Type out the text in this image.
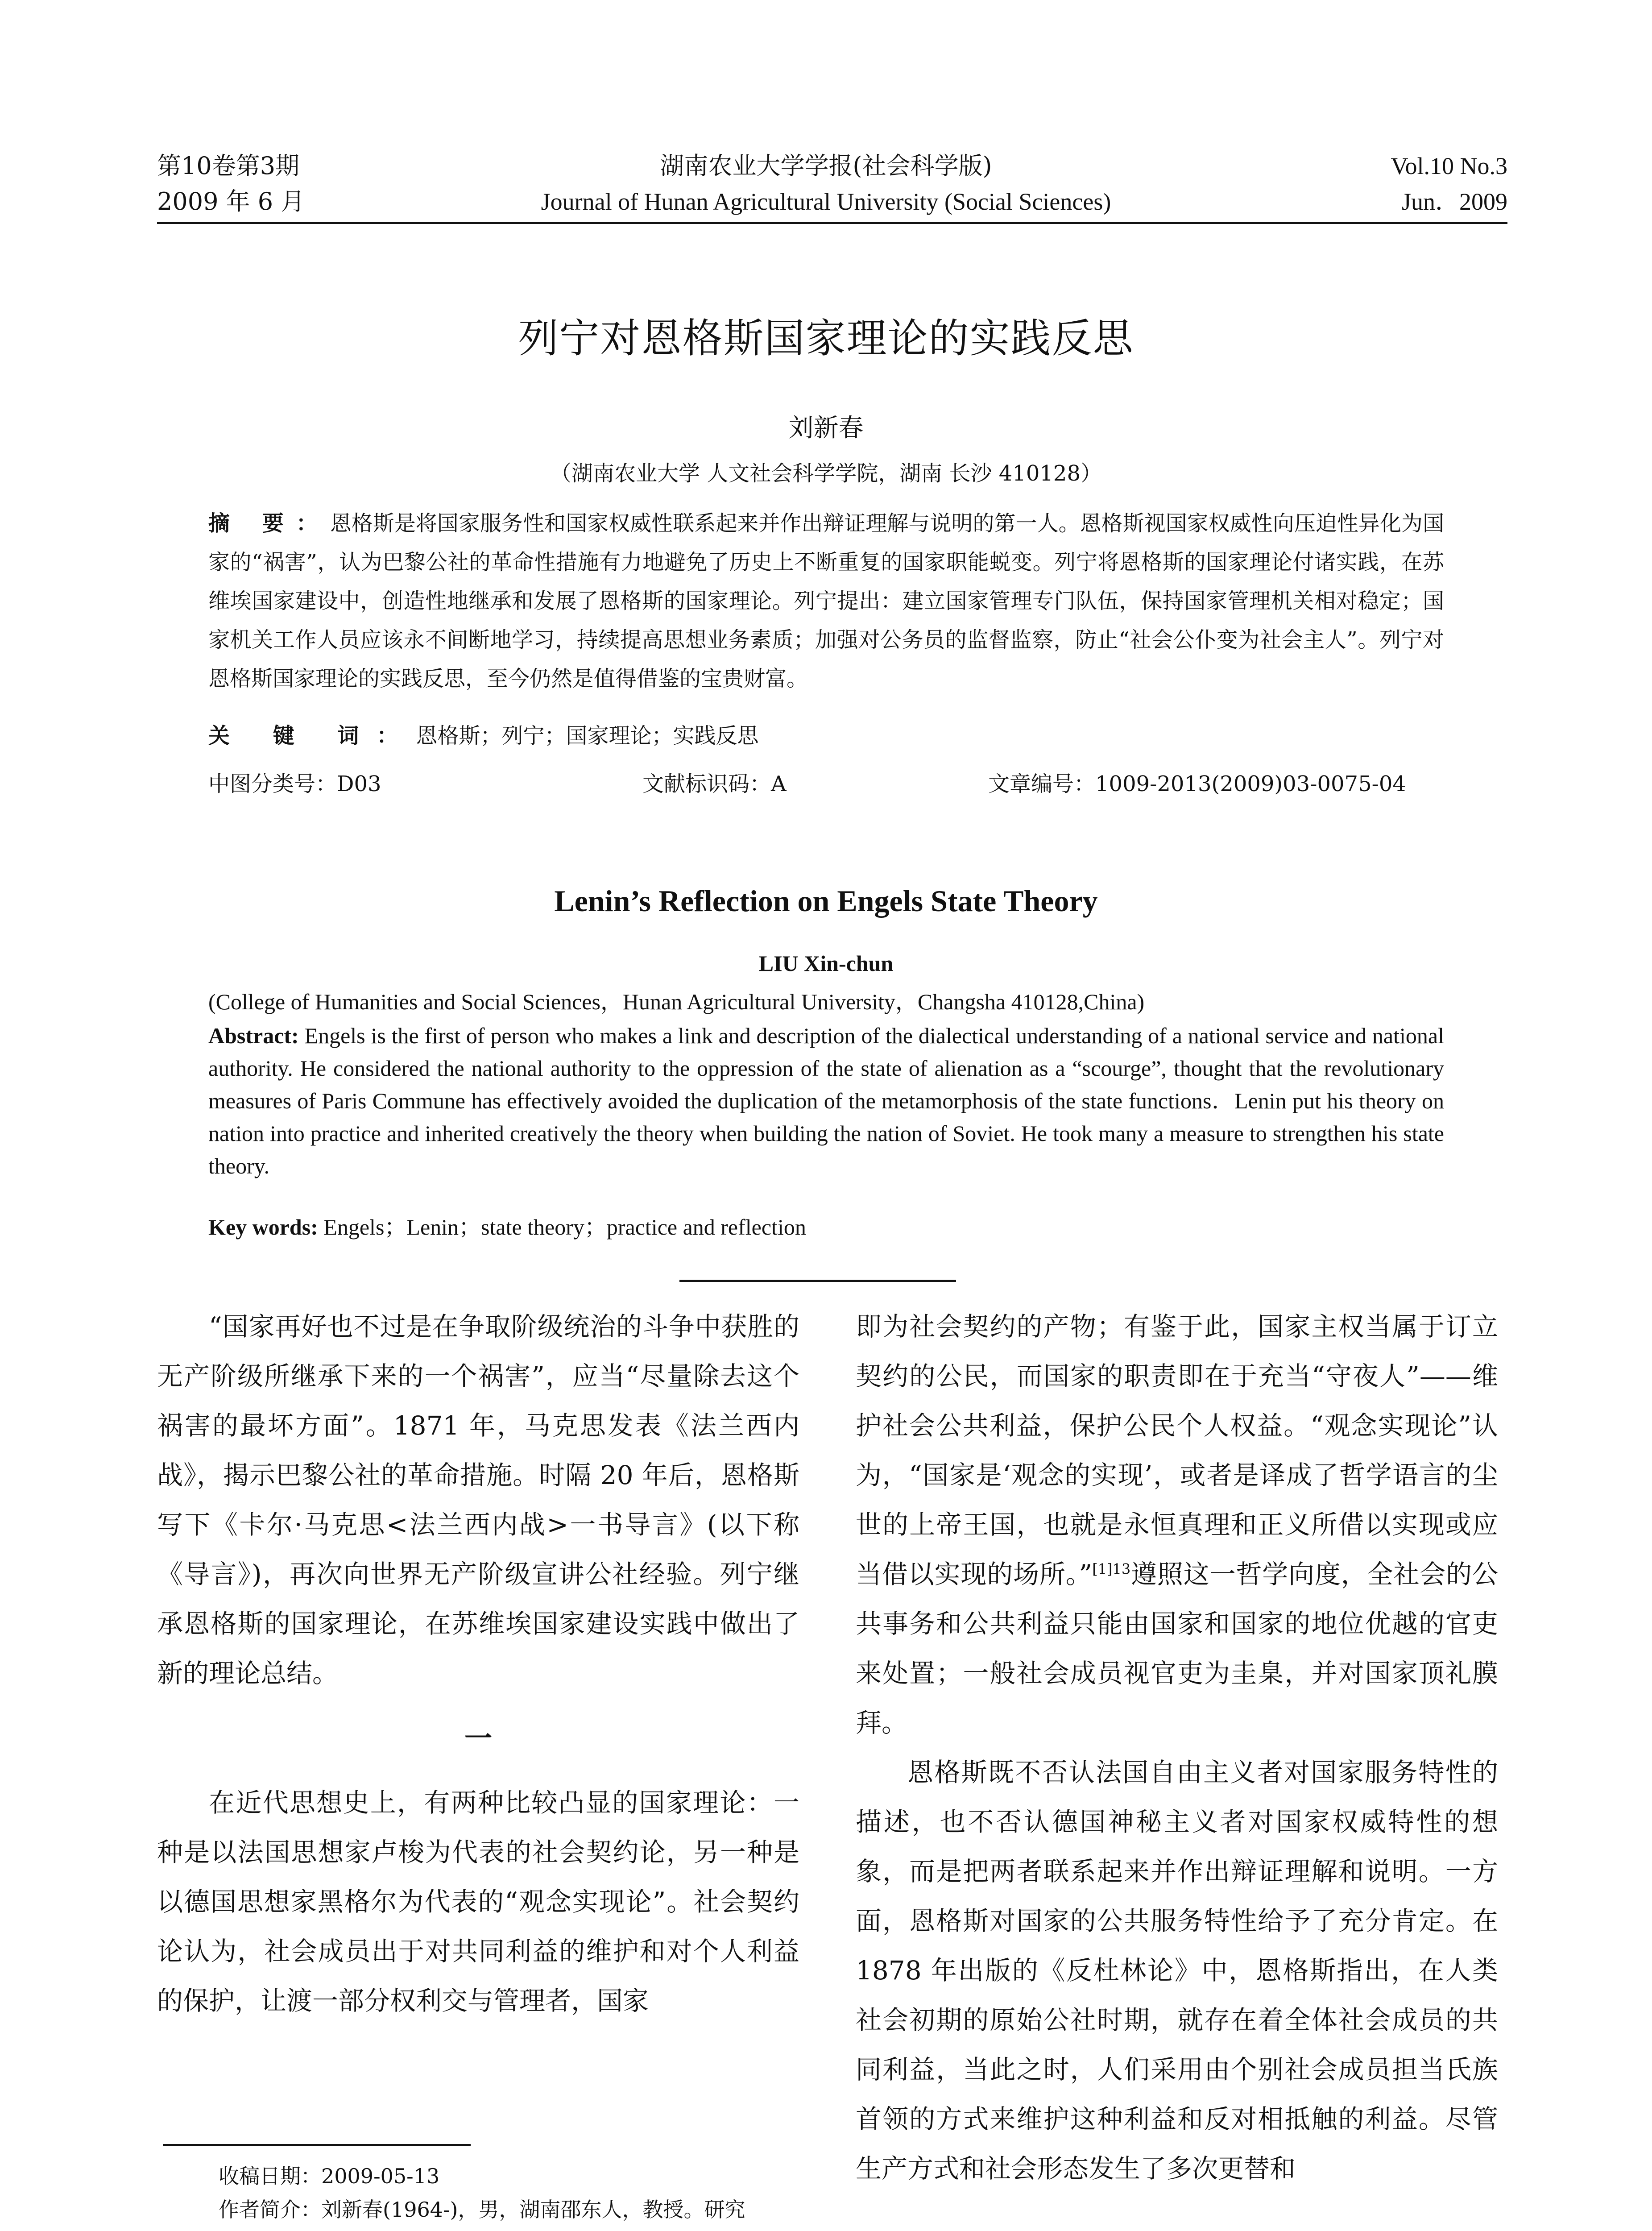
第10卷第3期
2009 年 6 月
湖南农业大学学报(社会科学版)
Journal of Hunan Agricultural University (Social Sciences)
Vol.10 No.3
Jun．2009
列宁对恩格斯国家理论的实践反思
刘新春
（湖南农业大学 人文社会科学学院，湖南 长沙 410128）
摘 要：恩格斯是将国家服务性和国家权威性联系起来并作出辩证理解与说明的第一人。恩格斯视国家权威性向压迫性异化为国家的“祸害”，认为巴黎公社的革命性措施有力地避免了历史上不断重复的国家职能蜕变。列宁将恩格斯的国家理论付诸实践，在苏维埃国家建设中，创造性地继承和发展了恩格斯的国家理论。列宁提出：建立国家管理专门队伍，保持国家管理机关相对稳定；国家机关工作人员应该永不间断地学习，持续提高思想业务素质；加强对公务员的监督监察，防止“社会公仆变为社会主人”。列宁对恩格斯国家理论的实践反思，至今仍然是值得借鉴的宝贵财富。
关 键 词：恩格斯；列宁；国家理论；实践反思
中图分类号：D03	文献标识码：A	文章编号：1009-2013(2009)03-0075-04
Lenin’s Reflection on Engels State Theory
LIU Xin-chun
(College of Humanities and Social Sciences，Hunan Agricultural University，Changsha 410128,China)
Abstract: Engels is the first of person who makes a link and description of the dialectical understanding of a national service and national authority. He considered the national authority to the oppression of the state of alienation as a “scourge”, thought that the revolutionary measures of Paris Commune has effectively avoided the duplication of the metamorphosis of the state functions．Lenin put his theory on nation into practice and inherited creatively the theory when building the nation of Soviet. He took many a measure to strengthen his state theory.
Key words: Engels；Lenin；state theory；practice and reflection

“国家再好也不过是在争取阶级统治的斗争中获胜的无产阶级所继承下来的一个祸害”，应当“尽量除去这个祸害的最坏方面”。1871 年，马克思发表《法兰西内战》，揭示巴黎公社的革命措施。时隔 20 年后，恩格斯写下《卡尔·马克思<法兰西内战>一书导言》(以下称《导言》)，再次向世界无产阶级宣讲公社经验。列宁继承恩格斯的国家理论，在苏维埃国家建设实践中做出了新的理论总结。

一

在近代思想史上，有两种比较凸显的国家理论：一种是以法国思想家卢梭为代表的社会契约论，另一种是以德国思想家黑格尔为代表的“观念实现论”。社会契约论认为，社会成员出于对共同利益的维护和对个人利益的保护，让渡一部分权利交与管理者，国家

即为社会契约的产物；有鉴于此，国家主权当属于订立契约的公民，而国家的职责即在于充当“守夜人”——维护社会公共利益，保护公民个人权益。“观念实现论”认为，“国家是‘观念的实现’，或者是译成了哲学语言的尘世的上帝王国，也就是永恒真理和正义所借以实现或应当借以实现的场所。”$^{[1]13}$遵照这一哲学向度，全社会的公共事务和公共利益只能由国家和国家的地位优越的官吏来处置；一般社会成员视官吏为圭臬，并对国家顶礼膜拜。

恩格斯既不否认法国自由主义者对国家服务特性的描述，也不否认德国神秘主义者对国家权威特性的想象，而是把两者联系起来并作出辩证理解和说明。一方面，恩格斯对国家的公共服务特性给予了充分肯定。在 1878 年出版的《反杜林论》中，恩格斯指出，在人类社会初期的原始公社时期，就存在着全体社会成员的共同利益，当此之时，人们采用由个别社会成员担当氏族首领的方式来维护这种利益和反对相抵触的利益。尽管生产方式和社会形态发生了多次更替和

收稿日期：2009-05-13

作者简介：刘新春(1964-)，男，湖南邵东人，教授。研究
